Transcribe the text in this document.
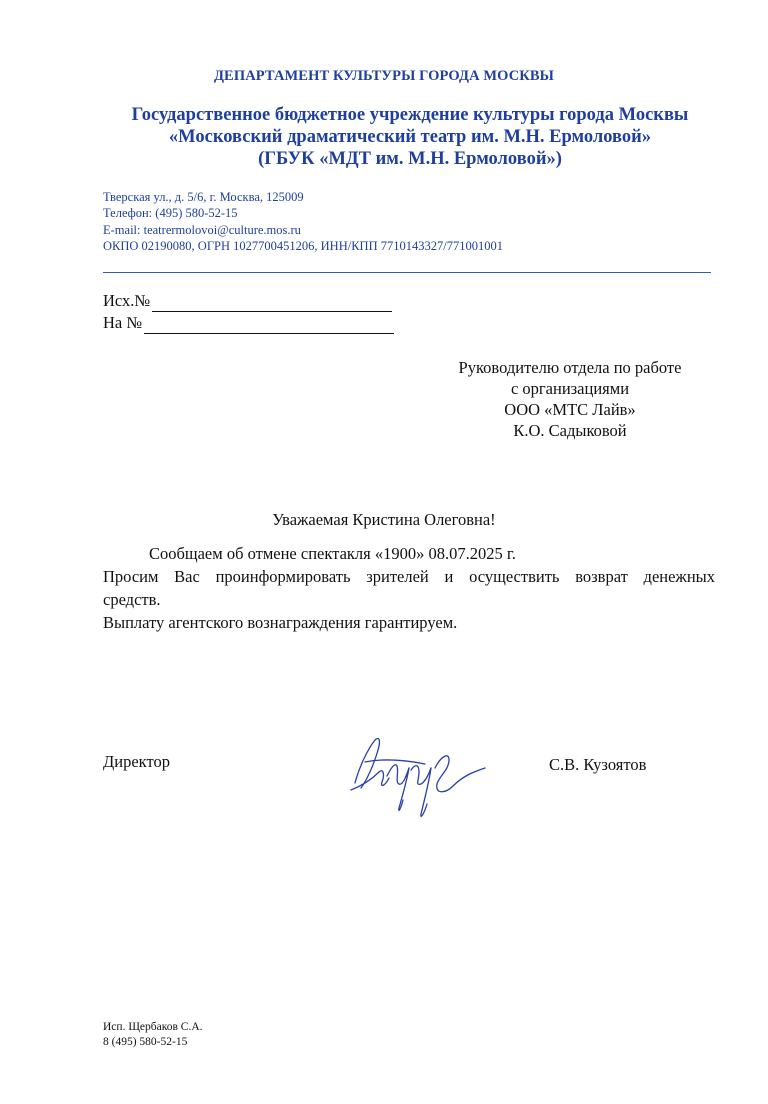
ДЕПАРТАМЕНТ КУЛЬТУРЫ ГОРОДА МОСКВЫ
Государственное бюджетное учреждение культуры города Москвы
«Московский драматический театр им. М.Н. Ермоловой»
(ГБУК «МДТ им. М.Н. Ермоловой»)
Тверская ул., д. 5/6, г. Москва, 125009
Телефон: (495) 580-52-15
E-mail: teatrermolovoi@culture.mos.ru
ОКПО 02190080, ОГРН 1027700451206, ИНН/КПП 7710143327/771001001
Исх.№
На №
Руководителю отдела по работе
с организациями
ООО «МТС Лайв»
К.О. Садыковой
Уважаемая Кристина Олеговна!

Сообщаем об отмене спектакля «1900» 08.07.2025 г.

Просим Вас проинформировать зрителей и осуществить возврат денежных

средств.

Выплату агентского вознаграждения гарантируем.

Директор	С.В. Кузоятов
Исп. Щербаков С.А.
8 (495) 580-52-15
